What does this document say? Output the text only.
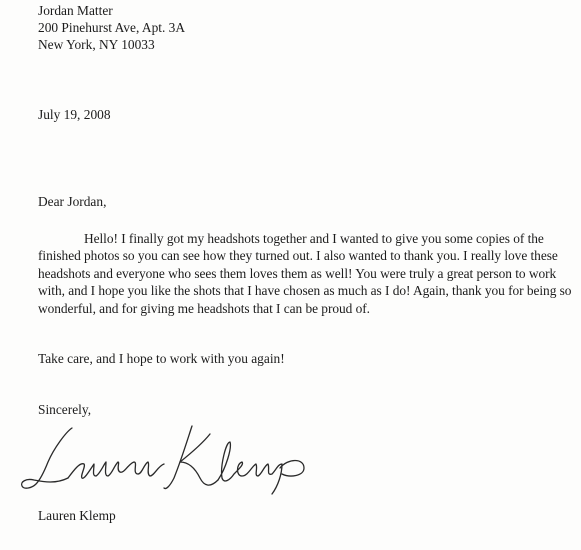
Jordan Matter
200 Pinehurst Ave, Apt. 3A
New York, NY 10033
July 19, 2008
Dear Jordan,

Hello! I finally got my headshots together and I wanted to give you some copies of the finished photos so you can see how they turned out. I also wanted to thank you. I really love these headshots and everyone who sees them loves them as well! You were truly a great person to work with, and I hope you like the shots that I have chosen as much as I do! Again, thank you for being so wonderful, and for giving me headshots that I can be proud of.

Take care, and I hope to work with you again!
Sincerely,
Lauren Klemp
